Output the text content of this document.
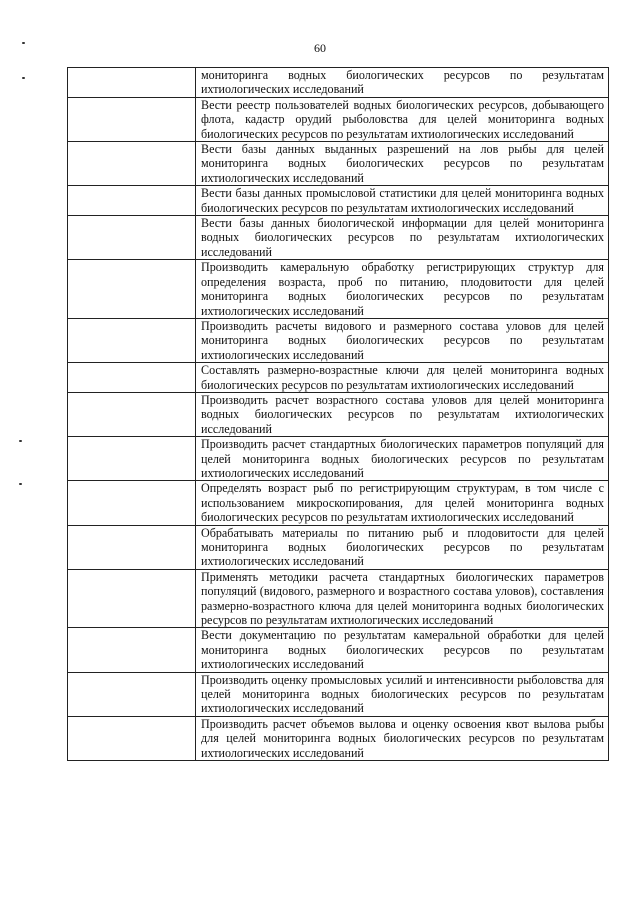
60
	мониторинга водных биологических ресурсов по результатам ихтиологических исследований
	Вести реестр пользователей водных биологических ресурсов, добывающего флота, кадастр орудий рыболовства для целей мониторинга водных биологических ресурсов по результатам ихтиологических исследований
	Вести базы данных выданных разрешений на лов рыбы для целей мониторинга водных биологических ресурсов по результатам ихтиологических исследований
	Вести базы данных промысловой статистики для целей мониторинга водных биологических ресурсов по результатам ихтиологических исследований
	Вести базы данных биологической информации для целей мониторинга водных биологических ресурсов по результатам ихтиологических исследований
	Производить камеральную обработку регистрирующих структур для определения возраста, проб по питанию, плодовитости для целей мониторинга водных биологических ресурсов по результатам ихтиологических исследований
	Производить расчеты видового и размерного состава уловов для целей мониторинга водных биологических ресурсов по результатам ихтиологических исследований
	Составлять размерно-возрастные ключи для целей мониторинга водных биологических ресурсов по результатам ихтиологических исследований
	Производить расчет возрастного состава уловов для целей мониторинга водных биологических ресурсов по результатам ихтиологических исследований
	Производить расчет стандартных биологических параметров популяций для целей мониторинга водных биологических ресурсов по результатам ихтиологических исследований
	Определять возраст рыб по регистрирующим структурам, в том числе с использованием микроскопирования, для целей мониторинга водных биологических ресурсов по результатам ихтиологических исследований
	Обрабатывать материалы по питанию рыб и плодовитости для целей мониторинга водных биологических ресурсов по результатам ихтиологических исследований
	Применять методики расчета стандартных биологических параметров популяций (видового, размерного и возрастного состава уловов), составления размерно-возрастного ключа для целей мониторинга водных биологических ресурсов по результатам ихтиологических исследований
	Вести документацию по результатам камеральной обработки для целей мониторинга водных биологических ресурсов по результатам ихтиологических исследований
	Производить оценку промысловых усилий и интенсивности рыболовства для целей мониторинга водных биологических ресурсов по результатам ихтиологических исследований
	Производить расчет объемов вылова и оценку освоения квот вылова рыбы для целей мониторинга водных биологических ресурсов по результатам ихтиологических исследований
